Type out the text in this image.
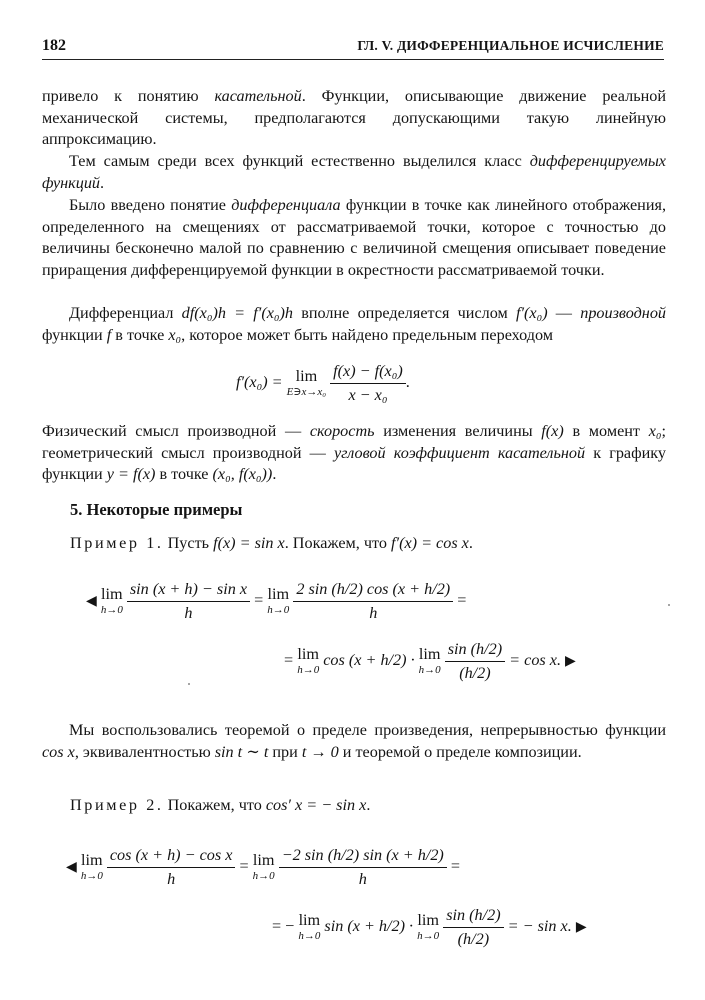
182	ГЛ. V. ДИФФЕРЕНЦИАЛЬНОЕ ИСЧИСЛЕНИЕ

привело к понятию касательной. Функции, описывающие движение реальной механической системы, предполагаются допускающими такую линейную аппроксимацию.

Тем самым среди всех функций естественно выделился класс дифференцируемых функций.

Было введено понятие дифференциала функции в точке как линейного отображения, определенного на смещениях от рассматриваемой точки, которое с точностью до величины бесконечно малой по сравнению с величиной смещения описывает поведение приращения дифференцируемой функции в окрестности рассматриваемой точки.

Дифференциал df(x₀)h = f′(x₀)h вполне определяется числом f′(x₀) — производной функции f в точке x₀, которое может быть найдено предельным переходом

f′(x₀) = lim
E∋x→x₀
$\frac{\text{f(x) − f(x₀)}}{\text{x − x₀}}$ .

Физический смысл производной — скорость изменения величины f(x) в момент x₀; геометрический смысл производной — угловой коэффициент касательной к графику функции y = f(x) в точке (x₀, f(x₀)).

5. Некоторые примеры
Пример 1. Пусть f(x) = sin x. Покажем, что f′(x) = cos x.
◀ lim
h→0
$\frac{\text{sin (x + h) − sin x}}{h} = \lim$
h→0
$\frac{2 \sin (h/2) \cos (x + h/2)}{h}$ =
= lim
h→0
cos (x + h/2) · lim
h→0
$\frac{\sin (h/2)}{(h/2)} = \cos x$. ▶

Мы воспользовались теоремой о пределе произведения, непрерывностью функции cos x, эквивалентностью sin t ∼ t при t → 0 и теоремой о пределе композиции.

Пример 2. Покажем, что cos′ x = − sin x.
◀ lim
h→0
$\frac{\text{cos (x + h) − cos x}}{h} = \lim$
h→0
$\frac{-2 \sin (h/2) \sin (x + h/2)}{h}$ =
= − lim
h→0
sin (x + h/2) · lim
h→0
$\frac{\sin (h/2)}{(h/2)}$ = − sin x. ▶
